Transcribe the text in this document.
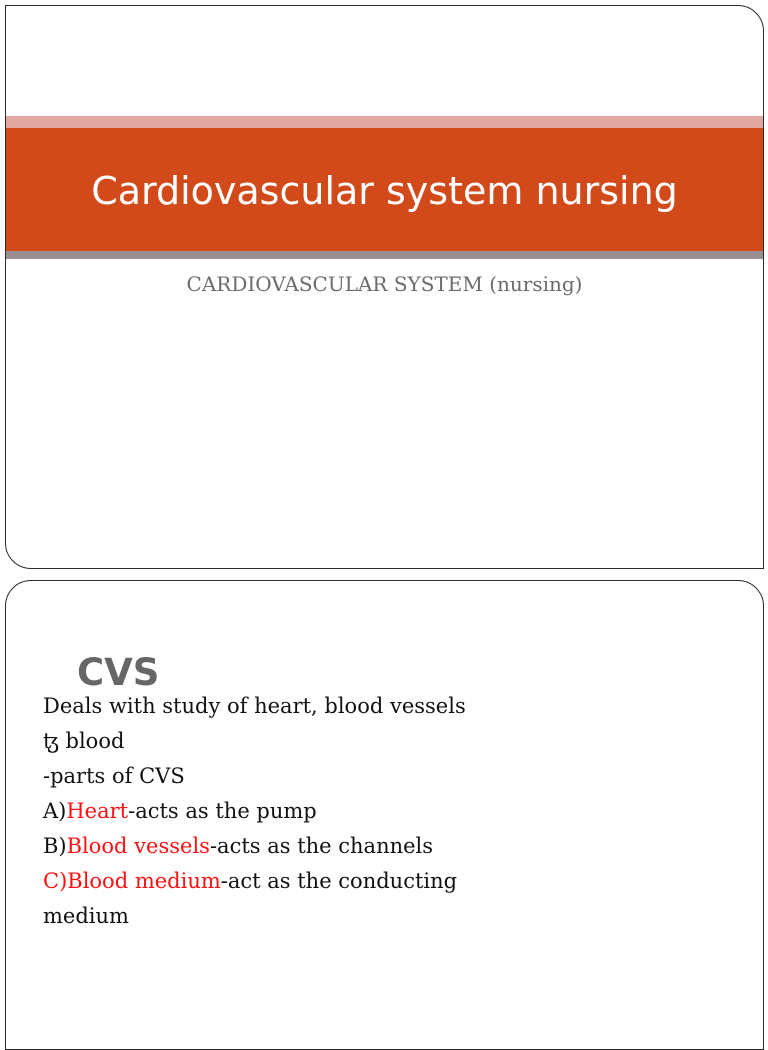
Cardiovascular system nursing

CARDIOVASCULAR SYSTEM (nursing)

CVS
Deals with study of heart, blood vessels
ꜩ blood
-parts of CVS
A)Heart-acts as the pump
B)Blood vessels-acts as the channels
C)Blood medium-act as the conducting
medium
